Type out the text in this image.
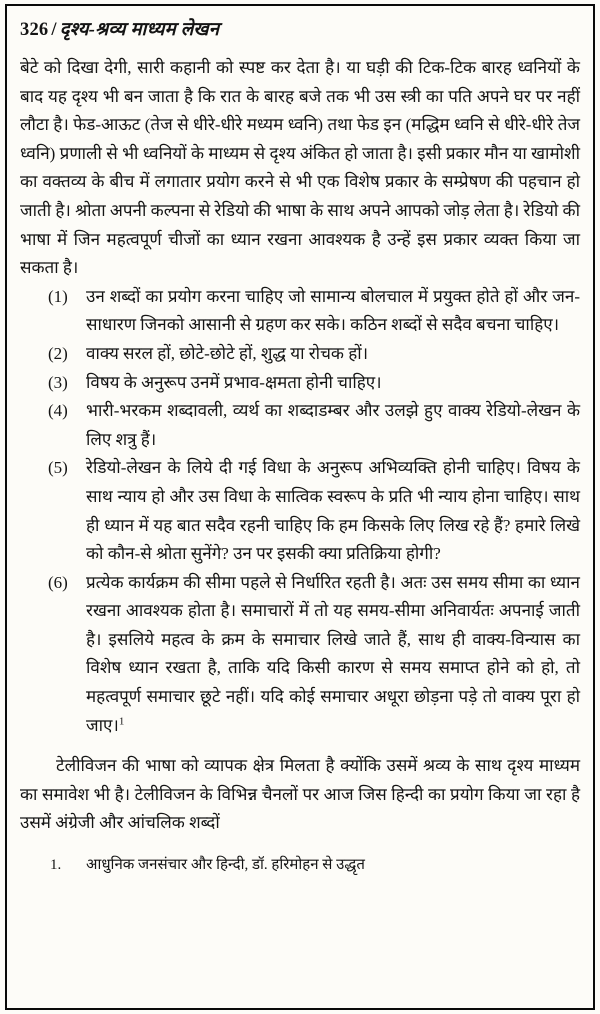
326 / दृश्य-श्रव्य माध्यम लेखन

बेटे को दिखा देगी, सारी कहानी को स्पष्ट कर देता है। या घड़ी की टिक-टिक बारह ध्वनियों के बाद यह दृश्य भी बन जाता है कि रात के बारह बजे तक भी उस स्त्री का पति अपने घर पर नहीं लौटा है। फेड-आऊट (तेज से धीरे-धीरे मध्यम ध्वनि) तथा फेड इन (मद्धिम ध्वनि से धीरे-धीरे तेज ध्वनि) प्रणाली से भी ध्वनियों के माध्यम से दृश्य अंकित हो जाता है। इसी प्रकार मौन या खामोशी का वक्तव्य के बीच में लगातार प्रयोग करने से भी एक विशेष प्रकार के सम्प्रेषण की पहचान हो जाती है। श्रोता अपनी कल्पना से रेडियो की भाषा के साथ अपने आपको जोड़ लेता है। रेडियो की भाषा में जिन महत्वपूर्ण चीजों का ध्यान रखना आवश्यक है उन्हें इस प्रकार व्यक्त किया जा सकता है।

(1)	उन शब्दों का प्रयोग करना चाहिए जो सामान्य बोलचाल में प्रयुक्त होते हों और जन-साधारण जिनको आसानी से ग्रहण कर सके। कठिन शब्दों से सदैव बचना चाहिए।
(2)	वाक्य सरल हों, छोटे-छोटे हों, शुद्ध या रोचक हों।
(3)	विषय के अनुरूप उनमें प्रभाव-क्षमता होनी चाहिए।
(4)	भारी-भरकम शब्दावली, व्यर्थ का शब्दाडम्बर और उलझे हुए वाक्य रेडियो-लेखन के लिए शत्रु हैं।
(5)	रेडियो-लेखन के लिये दी गई विधा के अनुरूप अभिव्यक्ति होनी चाहिए। विषय के साथ न्याय हो और उस विधा के सात्विक स्वरूप के प्रति भी न्याय होना चाहिए। साथ ही ध्यान में यह बात सदैव रहनी चाहिए कि हम किसके लिए लिख रहे हैं? हमारे लिखे को कौन-से श्रोता सुनेंगे? उन पर इसकी क्या प्रतिक्रिया होगी?
(6)	प्रत्येक कार्यक्रम की सीमा पहले से निर्धारित रहती है। अतः उस समय सीमा का ध्यान रखना आवश्यक होता है। समाचारों में तो यह समय-सीमा अनिवार्यतः अपनाई जाती है। इसलिये महत्व के क्रम के समाचार लिखे जाते हैं, साथ ही वाक्य-विन्यास का विशेष ध्यान रखता है, ताकि यदि किसी कारण से समय समाप्त होने को हो, तो महत्वपूर्ण समाचार छूटे नहीं। यदि कोई समाचार अधूरा छोड़ना पड़े तो वाक्य पूरा हो जाए।$^1$

टेलीविजन की भाषा को व्यापक क्षेत्र मिलता है क्योंकि उसमें श्रव्य के साथ दृश्य माध्यम का समावेश भी है। टेलीविजन के विभिन्न चैनलों पर आज जिस हिन्दी का प्रयोग किया जा रहा है उसमें अंग्रेजी और आंचलिक शब्दों

1.	आधुनिक जनसंचार और हिन्दी, डॉ. हरिमोहन से उद्धृत
